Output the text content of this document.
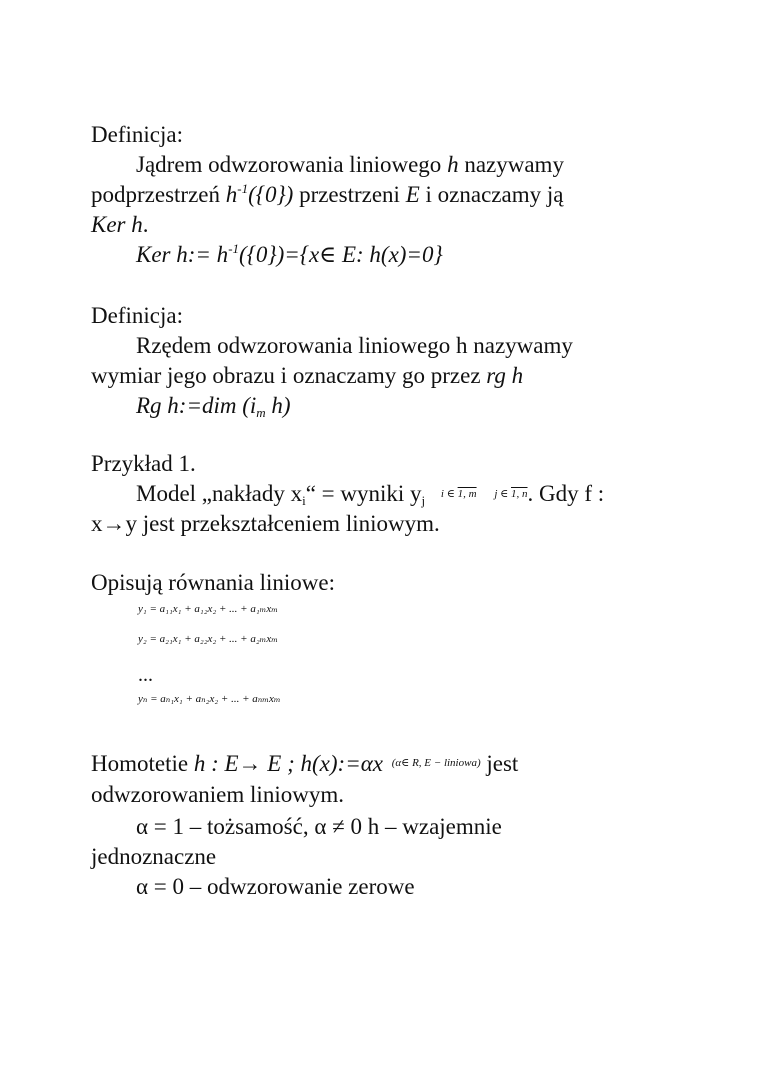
Definicja:
Jądrem odwzorowania liniowego h nazywamy
podprzestrzeń $h^{-1}(\{0\})$ przestrzeni E i oznaczamy ją
Ker h.
Ker h:= $h^{-1}(\{0\})=\{x\in$ E: h(x)=0}
Definicja:
Rzędem odwzorowania liniowego h nazywamy
wymiar jego obrazu i oznaczamy go przez rg h
Rg h:=dim ($i_m$ h)
Przykład 1.
Model „nakłady $x_i“$ = wyniki $y_j$ i ∈ 1, m j ∈ 1, n. Gdy f :
x→y jest przekształceniem liniowym.
Opisują równania liniowe:
y₁ = a₁₁x₁ + a₁₂x₂ + ... + a₁ₘxₘ
y₂ = a₂₁x₁ + a₂₂x₂ + ... + a₂ₘxₘ
...
yₙ = aₙ₁x₁ + aₙ₂x₂ + ... + aₙₘxₘ
Homotetie h : E→ E ; h(x):=αx $^{(\alpha\in R, E - liniowa)}$ jest
odwzorowaniem liniowym.
α = 1 – tożsamość, α ≠ 0 h – wzajemnie
jednoznaczne
α = 0 – odwzorowanie zerowe
